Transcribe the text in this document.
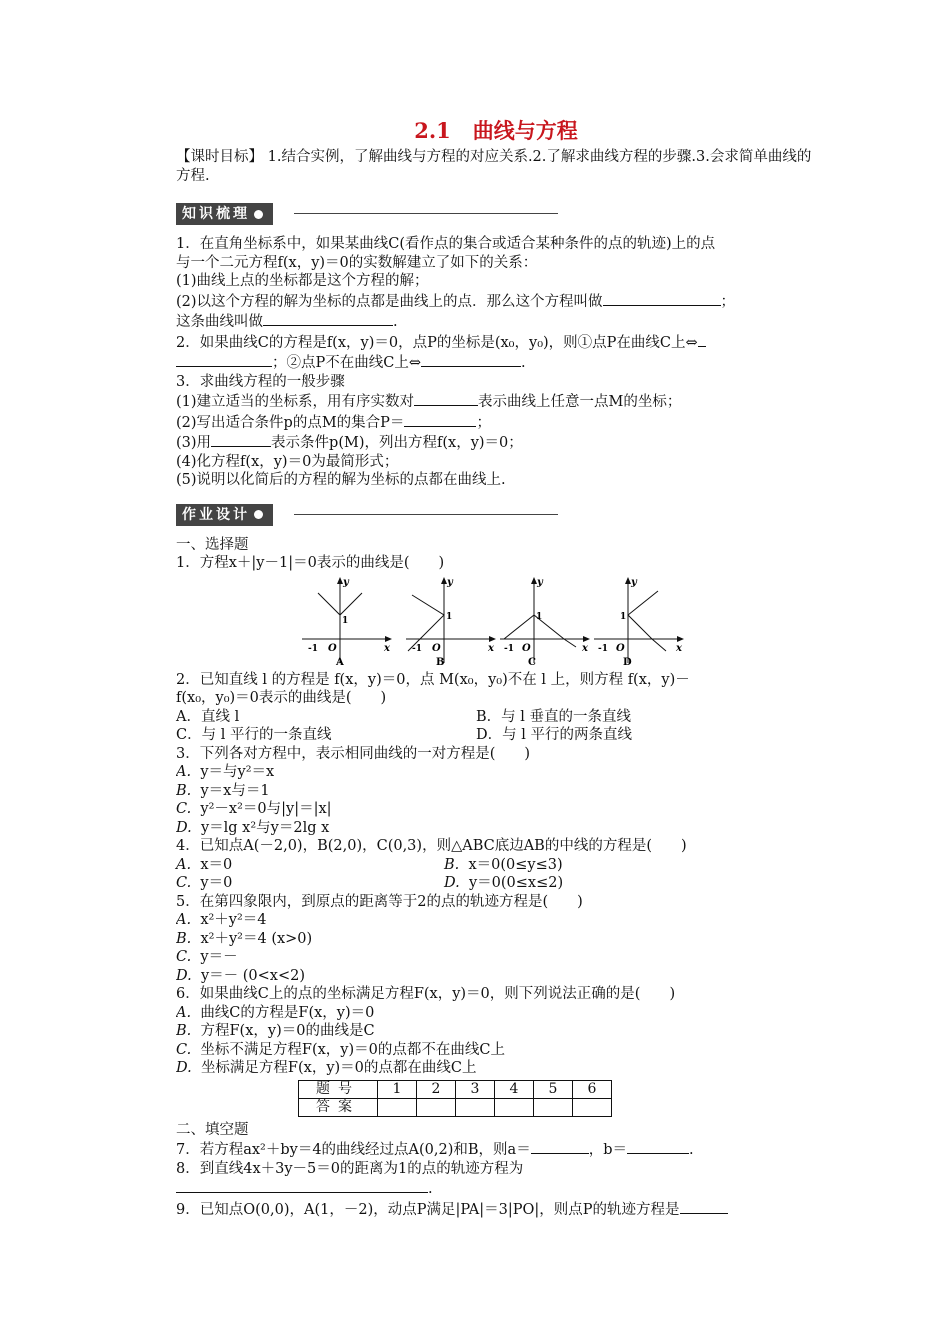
2.1 曲线与方程
【课时目标】 1.结合实例，了解曲线与方程的对应关系.2.了解求曲线方程的步骤.3.会求简单曲线的方程.
知识梳理
1．在直角坐标系中，如果某曲线C(看作点的集合或适合某种条件的点的轨迹)上的点
与一个二元方程f(x，y)＝0的实数解建立了如下的关系：
(1)曲线上点的坐标都是这个方程的解；
(2)以这个方程的解为坐标的点都是曲线上的点．那么这个方程叫做	；
这条曲线叫做	.
2．如果曲线C的方程是f(x，y)＝0，点P的坐标是(x₀，y₀)，则①点P在曲线C上⇔
；②点P不在曲线C上⇔	.
3．求曲线方程的一般步骤
(1)建立适当的坐标系，用有序实数对	表示曲线上任意一点M的坐标；
(2)写出适合条件p的点M的集合P＝	；
(3)用	表示条件p(M)，列出方程f(x，y)＝0；
(4)化方程f(x，y)＝0为最简形式；
(5)说明以化简后的方程的解为坐标的点都在曲线上.
作业设计
一、选择题
1．方程x＋|y－1|＝0表示的曲线是(　　)
y
x
1
-1 O
A
y
x
1
-1 O
B
y
x
1
-1 O
C
y
x
1
-1 O
D
2．已知直线 l 的方程是 f(x，y)＝0，点 M(x₀，y₀)不在 l 上，则方程 f(x，y)－
f(x₀，y₀)＝0表示的曲线是(　　)
A．直线 l	B．与 l 垂直的一条直线
C．与 l 平行的一条直线	D．与 l 平行的两条直线
3．下列各对方程中，表示相同曲线的一对方程是(　　)
A. y＝与y²＝x
B. y＝x与＝1
C. y²－x²＝0与|y|＝|x|
D. y＝lg x²与y＝2lg x
4．已知点A(－2,0)，B(2,0)，C(0,3)，则△ABC底边AB的中线的方程是(　　)
A. x＝0	B. x＝0(0≤y≤3)
C. y＝0	D. y＝0(0≤x≤2)
5．在第四象限内，到原点的距离等于2的点的轨迹方程是(　　)
A. x²＋y²＝4
B. x²＋y²＝4 (x>0)
C. y＝－
D. y＝－ (0<x<2)
6．如果曲线C上的点的坐标满足方程F(x，y)＝0，则下列说法正确的是(　　)
A. 曲线C的方程是F(x，y)＝0
B. 方程F(x，y)＝0的曲线是C
C. 坐标不满足方程F(x，y)＝0的点都不在曲线C上
D. 坐标满足方程F(x，y)＝0的点都在曲线C上
题号	1	2	3	4	5	6
答案						
二、填空题
7．若方程ax²＋by＝4的曲线经过点A(0,2)和B，则a＝	，b＝	.
8．到直线4x＋3y－5＝0的距离为1的点的轨迹方程为
.
9．已知点O(0,0)，A(1，－2)，动点P满足|PA|＝3|PO|，则点P的轨迹方程是
